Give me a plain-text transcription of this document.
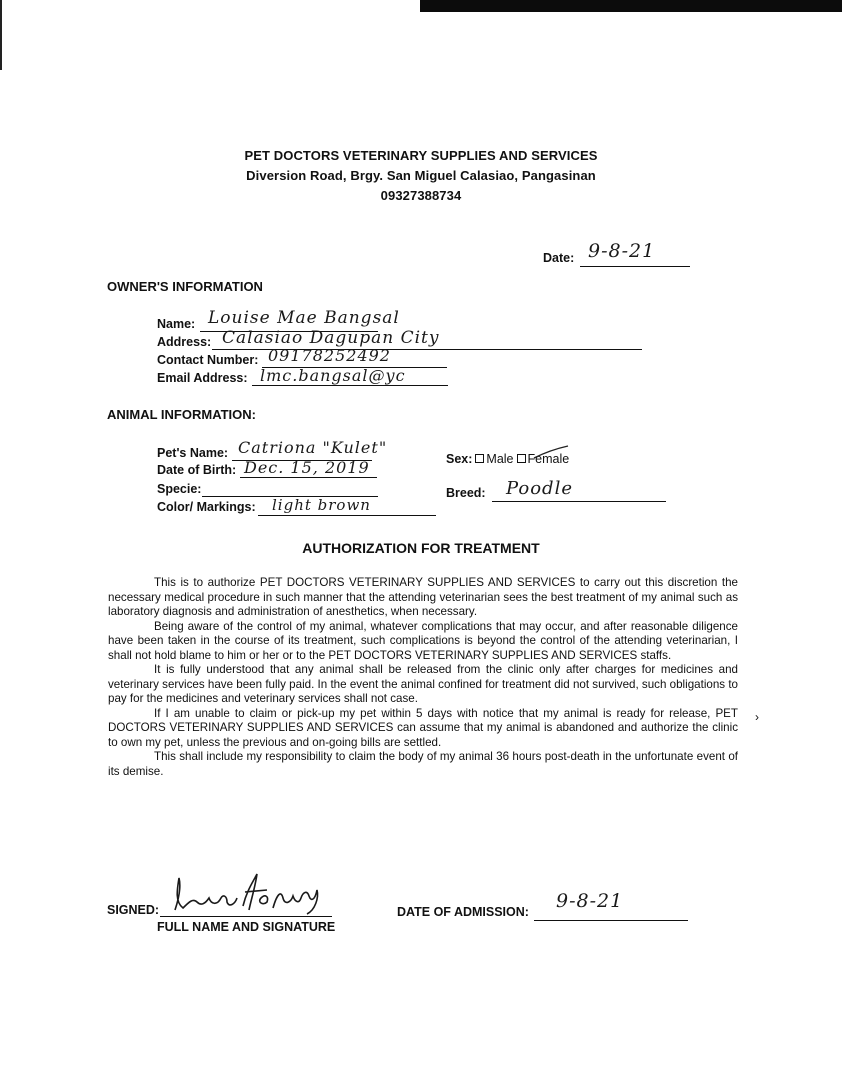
PET DOCTORS VETERINARY SUPPLIES AND SERVICES
Diversion Road, Brgy. San Miguel Calasiao, Pangasinan
09327388734
Date: 9-8-21
OWNER'S INFORMATION
Name: Louise Mae Bangsal
Address: Calasiao Dagupan City
Contact Number: 09178252492
Email Address: lmc.bangsal@yc
ANIMAL INFORMATION:
Pet's Name: Catriona "Kulet"
Date of Birth: Dec. 15, 2019
Specie:
Color/ Markings: light brown
Sex: Male Female
Breed: Poodle
AUTHORIZATION FOR TREATMENT

This is to authorize PET DOCTORS VETERINARY SUPPLIES AND SERVICES to carry out this discretion the necessary medical procedure in such manner that the attending veterinarian sees the best treatment of my animal such as laboratory diagnosis and administration of anesthetics, when necessary.

Being aware of the control of my animal, whatever complications that may occur, and after reasonable diligence have been taken in the course of its treatment, such complications is beyond the control of the attending veterinarian, I shall not hold blame to him or her or to the PET DOCTORS VETERINARY SUPPLIES AND SERVICES staffs.

It is fully understood that any animal shall be released from the clinic only after charges for medicines and veterinary services have been fully paid. In the event the animal confined for treatment did not survived, such obligations to pay for the medicines and veterinary services shall not case.

If I am unable to claim or pick-up my pet within 5 days with notice that my animal is ready for release, PET DOCTORS VETERINARY SUPPLIES AND SERVICES can assume that my animal is abandoned and authorize the clinic to own my pet, unless the previous and on-going bills are settled.

This shall include my responsibility to claim the body of my animal 36 hours post-death in the unfortunate event of its demise.

›
SIGNED:
FULL NAME AND SIGNATURE
DATE OF ADMISSION: 9-8-21
